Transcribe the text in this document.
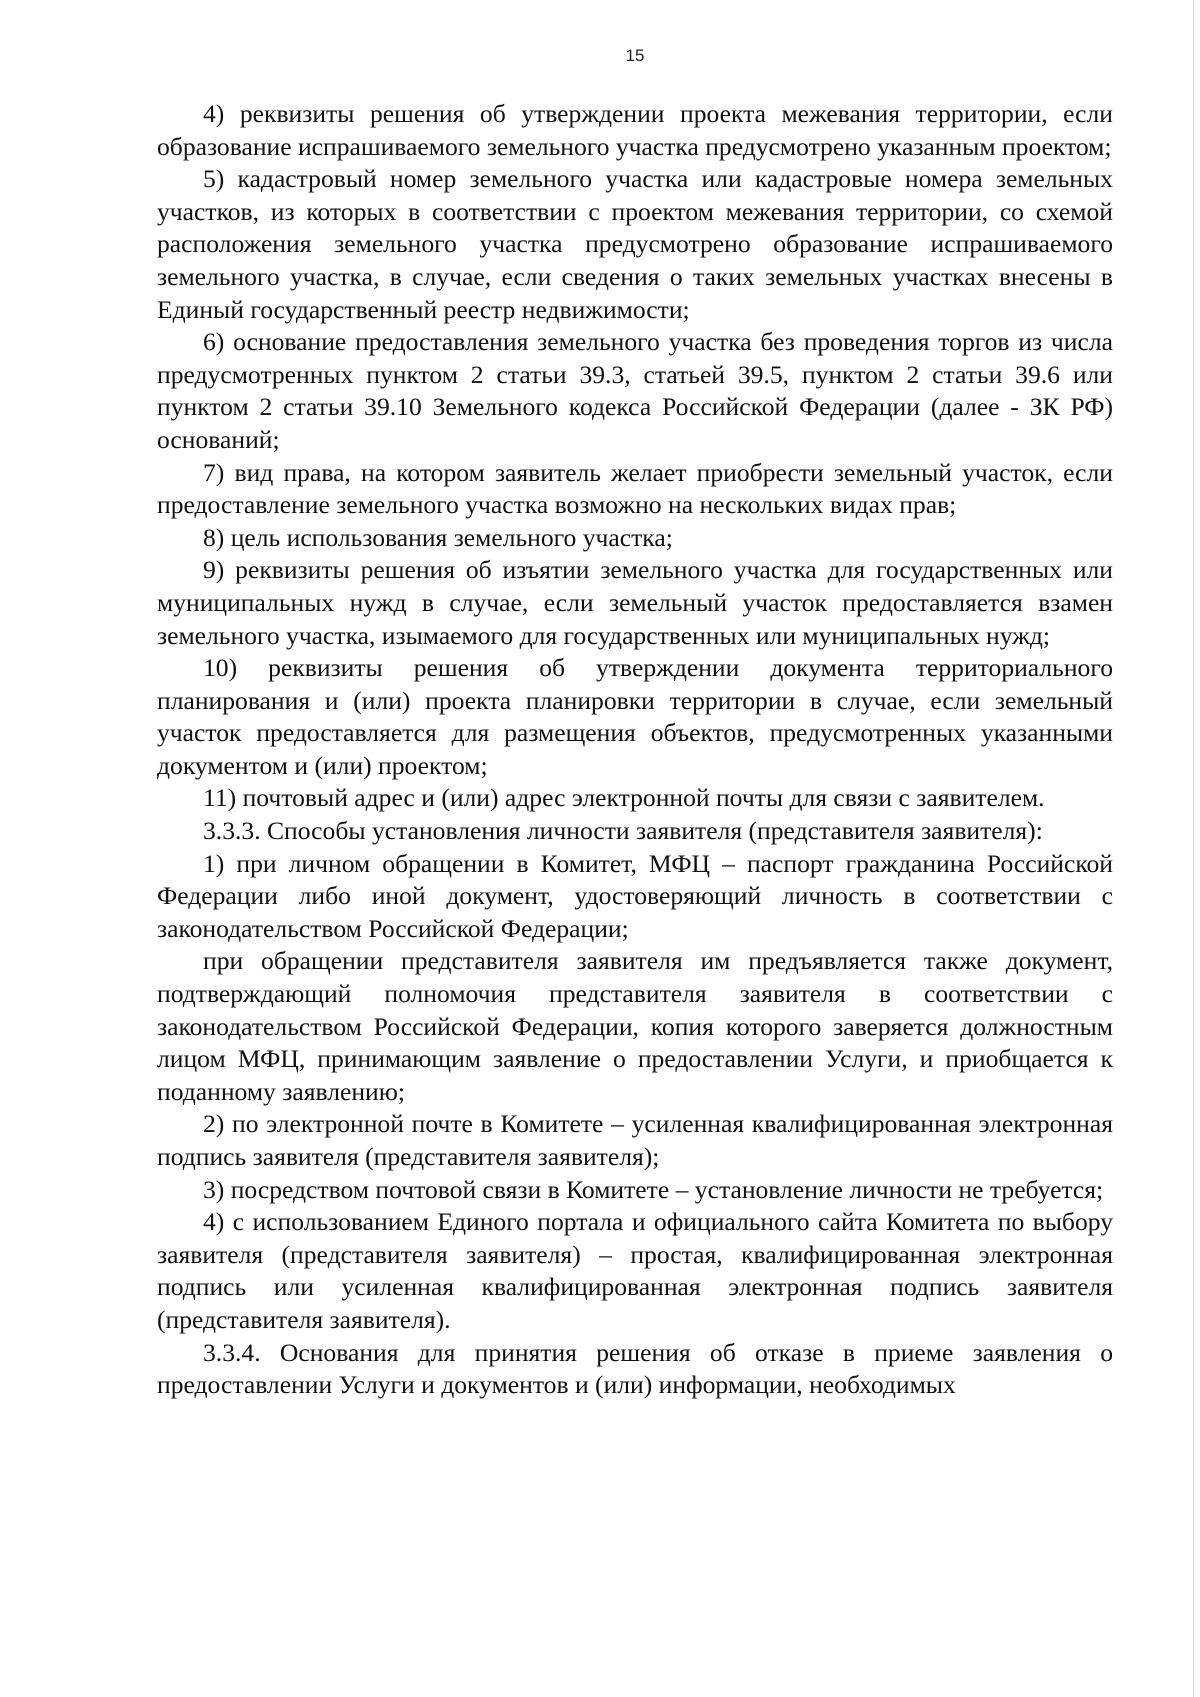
15

4) реквизиты решения об утверждении проекта межевания территории, если образование испрашиваемого земельного участка предусмотрено указанным проектом;

5) кадастровый номер земельного участка или кадастровые номера земельных участков, из которых в соответствии с проектом межевания территории, со схемой расположения земельного участка предусмотрено образование испрашиваемого земельного участка, в случае, если сведения о таких земельных участках внесены в Единый государственный реестр недвижимости;

6) основание предоставления земельного участка без проведения торгов из числа предусмотренных пунктом 2 статьи 39.3, статьей 39.5, пунктом 2 статьи 39.6 или пунктом 2 статьи 39.10 Земельного кодекса Российской Федерации (далее - ЗК РФ) оснований;

7) вид права, на котором заявитель желает приобрести земельный участок, если предоставление земельного участка возможно на нескольких видах прав;

8) цель использования земельного участка;

9) реквизиты решения об изъятии земельного участка для государственных или муниципальных нужд в случае, если земельный участок предоставляется взамен земельного участка, изымаемого для государственных или муниципальных нужд;

10) реквизиты решения об утверждении документа территориального планирования и (или) проекта планировки территории в случае, если земельный участок предоставляется для размещения объектов, предусмотренных указанными документом и (или) проектом;

11) почтовый адрес и (или) адрес электронной почты для связи с заявителем.

3.3.3. Способы установления личности заявителя (представителя заявителя):

1) при личном обращении в Комитет, МФЦ – паспорт гражданина Российской Федерации либо иной документ, удостоверяющий личность в соответствии с законодательством Российской Федерации;

при обращении представителя заявителя им предъявляется также документ, подтверждающий полномочия представителя заявителя в соответствии с законодательством Российской Федерации, копия которого заверяется должностным лицом МФЦ, принимающим заявление о предоставлении Услуги, и приобщается к поданному заявлению;

2) по электронной почте в Комитете – усиленная квалифицированная электронная подпись заявителя (представителя заявителя);

3) посредством почтовой связи в Комитете – установление личности не требуется;

4) с использованием Единого портала и официального сайта Комитета по выбору заявителя (представителя заявителя) – простая, квалифицированная электронная подпись или усиленная квалифицированная электронная подпись заявителя (представителя заявителя).

3.3.4. Основания для принятия решения об отказе в приеме заявления о предоставлении Услуги и документов и (или) информации, необходимых
